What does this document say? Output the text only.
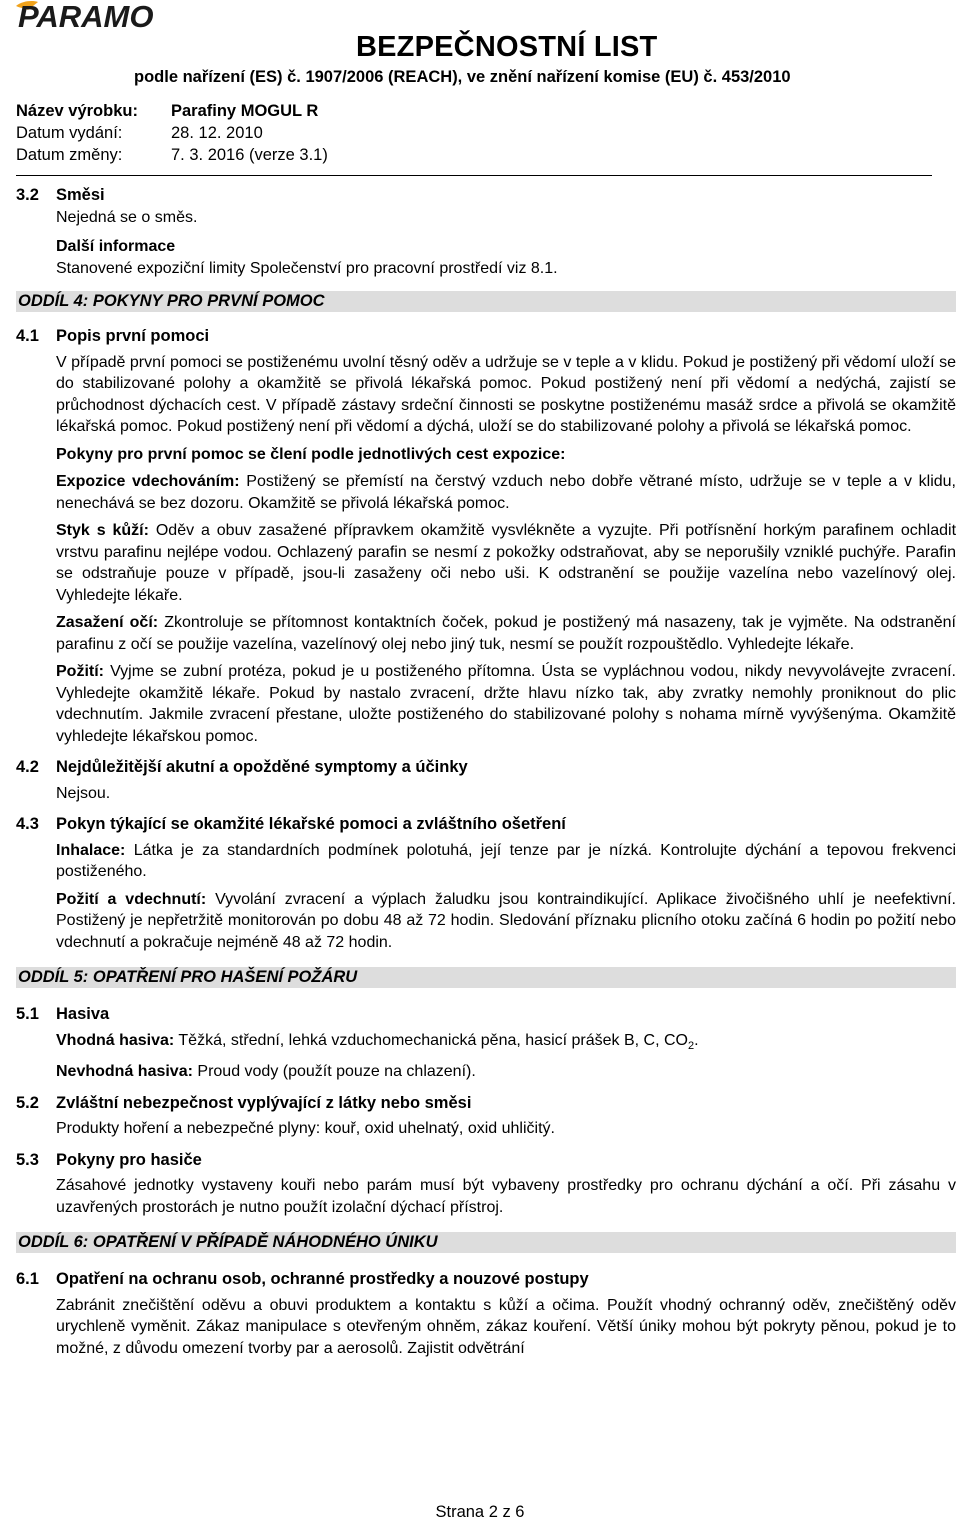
PARAMO
BEZPEČNOSTNÍ LIST
podle nařízení (ES) č. 1907/2006 (REACH), ve znění nařízení komise (EU) č. 453/2010
Název výrobku: Parafiny MOGUL R
Datum vydání:	28. 12. 2010
Datum změny:	7. 3. 2016 (verze 3.1)
3.2 Směsi
Nejedná se o směs.
Další informace
Stanovené expoziční limity Společenství pro pracovní prostředí viz 8.1.
ODDÍL 4: POKYNY PRO PRVNÍ POMOC
4.1 Popis první pomoci
V případě první pomoci se postiženému uvolní těsný oděv a udržuje se v teple a v klidu. Pokud je postižený při vědomí uloží se do stabilizované polohy a okamžitě se přivolá lékařská pomoc. Pokud postižený není při vědomí a nedýchá, zajistí se průchodnost dýchacích cest. V případě zástavy srdeční činnosti se poskytne postiženému masáž srdce a přivolá se okamžitě lékařská pomoc. Pokud postižený není při vědomí a dýchá, uloží se do stabilizované polohy a přivolá se lékařská pomoc.
Pokyny pro první pomoc se člení podle jednotlivých cest expozice:
Expozice vdechováním: Postižený se přemístí na čerstvý vzduch nebo dobře větrané místo, udržuje se v teple a v klidu, nenechává se bez dozoru. Okamžitě se přivolá lékařská pomoc.
Styk s kůží: Oděv a obuv zasažené přípravkem okamžitě vysvlékněte a vyzujte. Při potřísnění horkým parafinem ochladit vrstvu parafinu nejlépe vodou. Ochlazený parafin se nesmí z pokožky odstraňovat, aby se neporušily vzniklé puchýře. Parafin se odstraňuje pouze v případě, jsou-li zasaženy oči nebo uši. K odstranění se použije vazelína nebo vazelínový olej. Vyhledejte lékaře.
Zasažení očí: Zkontroluje se přítomnost kontaktních čoček, pokud je postižený má nasazeny, tak je vyjměte. Na odstranění parafinu z očí se použije vazelína, vazelínový olej nebo jiný tuk, nesmí se použít rozpouštědlo. Vyhledejte lékaře.
Požití: Vyjme se zubní protéza, pokud je u postiženého přítomna. Ústa se vypláchnou vodou, nikdy nevyvolávejte zvracení. Vyhledejte okamžitě lékaře. Pokud by nastalo zvracení, držte hlavu nízko tak, aby zvratky nemohly proniknout do plic vdechnutím. Jakmile zvracení přestane, uložte postiženého do stabilizované polohy s nohama mírně vyvýšenýma. Okamžitě vyhledejte lékařskou pomoc.
4.2 Nejdůležitější akutní a opožděné symptomy a účinky
Nejsou.
4.3 Pokyn týkající se okamžité lékařské pomoci a zvláštního ošetření
Inhalace: Látka je za standardních podmínek polotuhá, její tenze par je nízká. Kontrolujte dýchání a tepovou frekvenci postiženého.
Požití a vdechnutí: Vyvolání zvracení a výplach žaludku jsou kontraindikující. Aplikace živočišného uhlí je neefektivní. Postižený je nepřetržitě monitorován po dobu 48 až 72 hodin. Sledování příznaku plicního otoku začíná 6 hodin po požití nebo vdechnutí a pokračuje nejméně 48 až 72 hodin.
ODDÍL 5: OPATŘENÍ PRO HAŠENÍ POŽÁRU
5.1 Hasiva
Vhodná hasiva: Těžká, střední, lehká vzduchomechanická pěna, hasicí prášek B, C, $CO_2$.
Nevhodná hasiva: Proud vody (použít pouze na chlazení).
5.2 Zvláštní nebezpečnost vyplývající z látky nebo směsi
Produkty hoření a nebezpečné plyny: kouř, oxid uhelnatý, oxid uhličitý.
5.3 Pokyny pro hasiče
Zásahové jednotky vystaveny kouři nebo parám musí být vybaveny prostředky pro ochranu dýchání a očí. Při zásahu v uzavřených prostorách je nutno použít izolační dýchací přístroj.
ODDÍL 6: OPATŘENÍ V PŘÍPADĚ NÁHODNÉHO ÚNIKU
6.1 Opatření na ochranu osob, ochranné prostředky a nouzové postupy
Zabránit znečištění oděvu a obuvi produktem a kontaktu s kůží a očima. Použít vhodný ochranný oděv, znečištěný oděv urychleně vyměnit. Zákaz manipulace s otevřeným ohněm, zákaz kouření. Větší úniky mohou být pokryty pěnou, pokud je to možné, z důvodu omezení tvorby par a aerosolů. Zajistit odvětrání
Strana 2 z 6
